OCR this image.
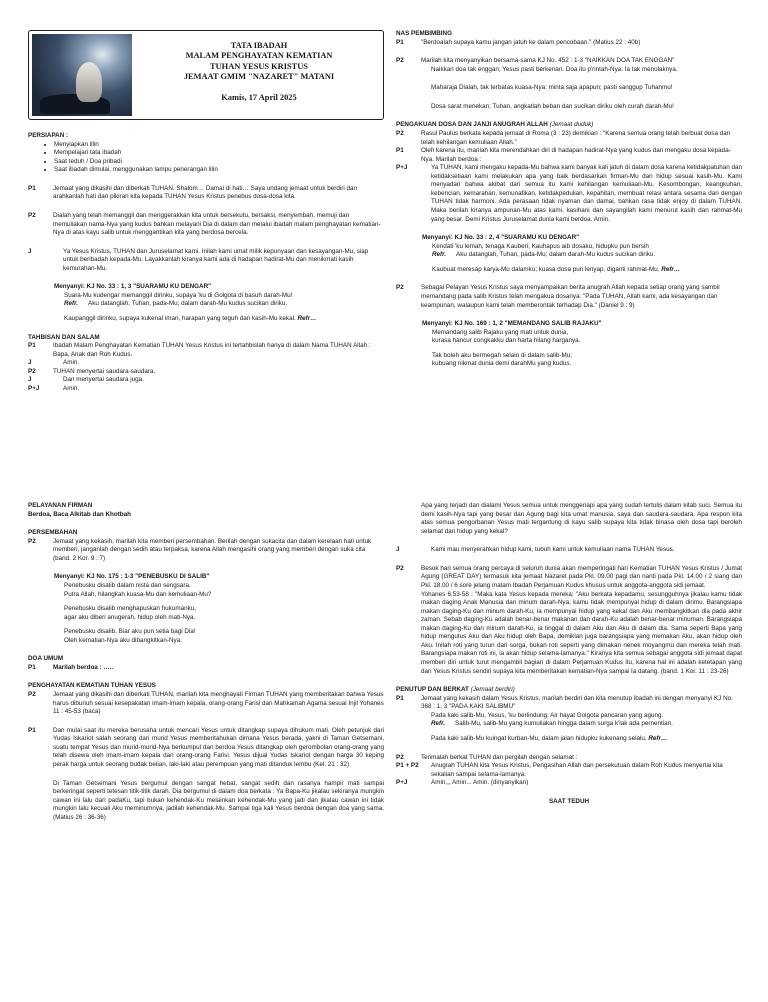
TATA IBADAH
MALAM PENGHAYATAN KEMATIAN
TUHAN YESUS KRISTUS
JEMAAT GMIM "NAZARET" MATANI
Kamis, 17 April 2025
PERSIAPAN :
• Menyiapkan lilin
• Mempelajari tata ibadah
• Saat teduh / Doa pribadi
• Saat ibadah dimulai, menggunakan lampu penerangan lilin
P1	Jemaat yang dikasihi dan diberkati TUHAN. Shalom… Damai di hati… Saya undang jemaat untuk berdiri dan arahkanlah hati dan pikiran kita kepada TUHAN Yesus Kristus penebus dosa-dosa kita.
P2	Dialah yang telah memanggil dan menggerakkan kita untuk bersekutu, bersaksi, menyembah, memuji dan memuliakan nama-Nya yang kudus bahkan melayani Dia di dalam dan melalui ibadah malam penghayatan kematian-Nya di atas kayu salib untuk menggantikan kita yang berdosa bercela.
J	Ya Yesus Kristus, TUHAN dan Juruselamat kami. Inilah kami umat milik kepunyaan dan kesayangan-Mu, siap untuk beribadah kepada-Mu. Layakkanlah kiranya kami ada di hadapan hadirat-Mu dan menikmati kasih kemurahan-Mu.
Menyanyi: KJ No. 33 : 1, 3 "SUARAMU KU DENGAR"
Suara-Mu kudengar memanggil dirinku, supaya 'ku di Golgota di basuh darah-Mu!
Refr.	Aku datanglah, Tuhan, pada-Mu; dalam darah-Mu kudus sucikan diriku.
Kaupanggil dirinku, supaya kukenal iman, harapan yang teguh dan kasih-Mu kekal. Refr…
TAHBISAN DAN SALAM
P1	Ibadah Malam Penghayatan Kematian TUHAN Yesus Kristus ini tertahbislah hanya di dalam Nama TUHAN Allah : Bapa, Anak dan Roh Kudus.
J	Amin.
P2	TUHAN menyertai saudara-saudara.
J	Dan menyertai saudara juga.
P+J	Amin.
NAS PEMBIMBING
P1	"Berdoalah supaya kamu jangan jatuh ke dalam pencobaan." (Matius 22 : 40b)
P2	Marilah kita menyanyikan bersama-sama KJ No. 452 : 1-3 "NAIKKAN DOA TAK ENGGAN"
Naikkan doa tak enggan; Yesus pasti berkenan. Doa itu p'rintah-Nya: Ia tak menolaknya.
Maharaja Dialah, tak terbatas kuasa-Nya: minta saja apapun; pasti sanggup Tuhanmu!
Dosa sarat menekan; Tuhan, angkatlah beban dan sucikan diriku oleh curah darah-Mu!
PENGAKUAN DOSA DAN JANJI ANUGRAH ALLAH (Jemaat duduk)
P2	Rasul Paulus berkata kepada jemaat di Roma (3 : 23) demikian : "Karena semua orang telah berbuat dosa dan telah kehilangan kemuliaan Allah."
P1	Oleh karena itu, marilah kita merendahkan diri di hadapan hadirat-Nya yang kudus dan mengaku dosa kepada-Nya. Marilah berdoa :
P+J	Ya TUHAN, kami mengaku kepada-Mu bahwa kami banyak kali jatuh di dalam dosa karena ketidakpatuhan dan ketidaksetiaan kami melakukan apa yang baik berdasarkan firman-Mu dan hidup sesuai kasih-Mu. Kami menyadari bahwa akibat dari semua itu kami kehilangan kemuliaan-Mu. Kesombongan, keangkuhan, kebencian, kemarahan, kemunafikan, ketidakpedulian, kepahitan, membuat relasi antara sesama dan dengan TUHAN tidak harmoni. Ada perasaan tidak nyaman dan damai, bahkan rasa tidak enjoy di dalam TUHAN. Maka berilah kiranya ampunan-Mu atas kami, kasihani dan sayangilah kami menurut kasih dan rahmat-Mu yang besar. Demi Kristus Juruselamat dunia kami berdoa. Amin.
Menyanyi: KJ No. 33 : 2, 4 "SUARAMU KU DENGAR"
Kendati 'ku lemah, tenaga Kauberi; Kauhapus aib dosaku, hidupku pun bersih
Refr.	Aku datanglah, Tuhan, pada-Mu; dalam darah-Mu kudus sucikan diriku.
Kaubuat meresap karya-Mu dalamku; kuasa dosa pun lenyap, diganti rahmat-Mu. Refr…
P2	Sebagai Pelayan Yesus Kristus saya menyampaikan berita anugrah Allah kepada setiap orang yang sambil memandang pada salib Kristus telah mengakua dosanya. "Pada TUHAN, Allah kami, ada kesayangan dan keampunan, walaupun kami telah memberontak terhadap Dia." (Daniel 9 : 9)
Menyanyi: KJ No. 169 : 1, 2 "MEMANDANG SALIB RAJAKU"
Memandang salib Rajaku yang mati untuk dunia,
kurasa hancur congkakku dan harta hilang harganya.
Tak boleh aku bermegah selain di dalam salib-Mu;
kubuang nikmat dunia demi darahMu yang kudus.
PELAYANAN FIRMAN
Berdoa, Baca Alkitab dan Khotbah
PERSEMBAHAN
P2	Jemaat yang kekasih, marilah kita memberi persembahan. Berilah dengan sukacita dan dalam kerelaan hati untuk memberi, janganlah dengan sedih atau terpaksa, karena Allah mengasihi orang yang memberi dengan suka cita (band. 2 Kor. 9 : 7)
Menyanyi: KJ No. 175 : 1-3 "PENEBUSKU DI SALIB"
Penebusku disalib dalam nista dan sengsara.
Putra Allah, hilangkah kuasa-Mu dan kemuliaan-Mu?
Penebusku disalib menghapuskan hukumanku,
agar aku diberi anugerah, hidup oleh mati-Nya.
Penebusku disalib. Biar aku pun setia bagi Dia!
Oleh kematian-Nya aku dibangkitkan-Nya.
DOA UMUM
P1	Marilah berdoa : …..
PENGHAYATAN KEMATIAN TUHAN YESUS
P2	Jemaat yang dikasihi dan diberkati TUHAN, marilah kita menghayati Firman TUHAN yang memberitakan bahwa Yesus harus dibunuh sesuai kesepakatan imam-imam kepala, orang-orang Farisi dan Mahkamah Agama sesuai Injil Yohanes 11 : 45-53 (baca)
P1	Dan mulai saat itu mereka berusaha untuk mencari Yesus untuk ditangkap supaya dihukum mati. Oleh petunjuk dari Yudas Iskariot salah seorang dari murid Yesus memberitahukan dimana Yesus berada, yakni di Taman Getsemani, suatu tempat Yesus dan murid-murid-Nya berkumpul dan berdoa Yesus ditangkap oleh gerombolan orang-orang yang telah disewa oleh imam-imam kepala dan orang-orang Farisi. Yesus dijual Yudas Iskariot dengan harga 30 keping perak harga untuk seorang budak belian, laki-laki atau perempuan yang mati ditanduk lembu (Kel. 21 : 32)
Di Taman Getsemani Yesus bergumul dengan sangat hebat, sangat sedih dan rasanya hampir mati sampai berkeringat seperti tetesan titik-titik darah. Dia bergumul di dalam doa berkata : Ya Bapa-Ku jikalau sekiranya mungkin cawan ini lalu dari padaKu, tapi bukan kehendak-Ku melainkan kehendak-Mu yang jadi dan jikalau cawan ini tidak mungkin lalu kecuali Aku meminumnya, jadilah kehendak-Mu. Sampai tiga kali Yesus berdoa dengan doa yang sama. (Matius 26 : 36-36)
Apa yang terjadi dan dialami Yesus semua untuk menggenapi apa yang sudah tertulis dalam kitab suci. Semua itu demi kasih-Nya tapi yang besar dan Agung bagi kita umat manusia, saya dan saudara-saudara. Apa respon kita atas semua pengorbanan Yesus mati tergantung di kayu salib supaya kita tidak binasa oleh dosa tapi beroleh selamat dan hidup yang kekal?
J	Kami mau menyerahkan hidup kami, tubuh kami untuk kemuliaan nama TUHAN Yesus.
P2	Besok hari semua orang percaya di seluruh dunia akan memperingati hari Kematian TUHAN Yesus Kristus / Jumat Agung (GREAT DAY) termasuk kita jemaat Nazaret pada Pkl. 09.00 pagi dan nanti pada Pkl. 14.00 / 2 siang dan Pkl. 18.00 / 6 sore jelang malam Ibadah Perjamuan Kudus khusus untuk anggota-anggota sidi jemaat.
Yohanes 6:53-58 : "Maka kata Yesus kepada mereka: "Aku berkata kepadamu, sesungguhnya jikalau kamu tidak makan daging Anak Manusia dan minum darah-Nya, kamu tidak mempunyai hidup di dalam dirimu. Barangsiapa makan daging-Ku dan minum darah-Ku, ia mempunyai hidup yang kekal dan Aku membangkitkan dia pada akhir zaman. Sebab daging-Ku adalah benar-benar makanan dan darah-Ku adalah benar-benar minuman. Barangsiapa makan daging-Ku dan minum darah-Ku, ia tinggal di dalam Aku dan Aku di dalam dia. Sama seperti Bapa yang hidup mengutus Aku dan Aku hidup oleh Bapa, demikian juga barangsiapa yang memakan Aku, akan hidup oleh Aku. Inilah roti yang turun dari sorga, bukan roti seperti yang dimakan nenek moyangmu dan mereka telah mati. Barangsiapa makan roti ini, ia akan hidup selama-lamanya." Kiranya kita semua sebagai anggota sidi jemaat dapat memberi diri untuk turut mengambil bagian di dalam Perjamuan Kudus itu, karena hal ini adalah ketetapan yang dari Yesus Kristus sendiri supaya kita memberitakan kematian-Nya sampai Ia datang. (band. 1 Kor. 11 : 23-26)
PENUTUP DAN BERKAT (Jemaat berdiri)
P1	Jemaat yang kekasih dalam Yesus Kristus, marilah berdiri dan kita menutup ibadah ini dengan menyanyi KJ No. 368 : 1, 3 "PADA KAKI SALIBMU"
Pada kaki salib-Mu, Yesus, 'ku berlindung; Air hayat Golgota pancaran yang agung.
Refr.	Salib-Mu, salib-Mu yang kumuliakan hingga dalam surga k'lak ada pernentian.
Pada kaki salib-Mu kuingat kurban-Mu, dalam jalan hidupku kukenang selalu. Refr…
P2	Terimalah berkat TUHAN dan pergilah dengan selamat :
P1 + P2	Anugrah TUHAN kita Yesus Kristus, Pengasihan Allah dan persekutuan dalam Roh Kudus menyertai kita sekalian sampai selama-lamanya.
P+J	Amin,,, Amin... Amin. (dinyanyikan)
SAAT TEDUH
